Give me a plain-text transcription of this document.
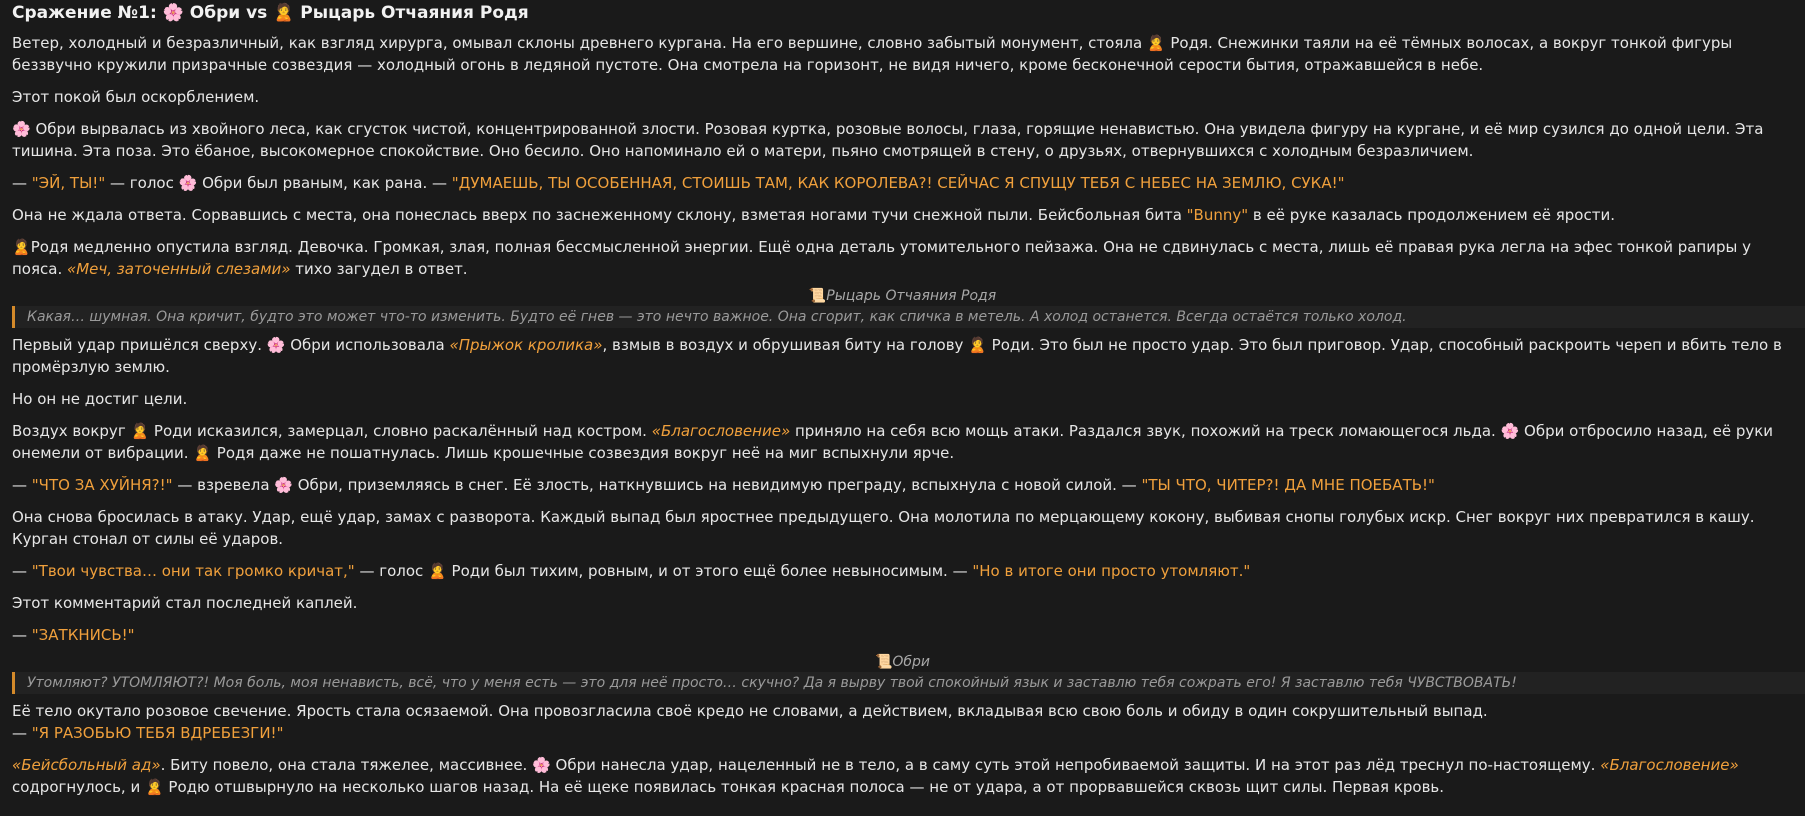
Сражение №1: 🌸 Обри vs 🙎 Рыцарь Отчаяния Родя

Ветер, холодный и безразличный, как взгляд хирурга, омывал склоны древнего кургана. На его вершине, словно забытый монумент, стояла 🙎 Родя. Снежинки таяли на её тёмных волосах, а вокруг тонкой фигуры беззвучно кружили призрачные созвездия — холодный огонь в ледяной пустоте. Она смотрела на горизонт, не видя ничего, кроме бесконечной серости бытия, отражавшейся в небе.

Этот покой был оскорблением.

🌸 Обри вырвалась из хвойного леса, как сгусток чистой, концентрированной злости. Розовая куртка, розовые волосы, глаза, горящие ненавистью. Она увидела фигуру на кургане, и её мир сузился до одной цели. Эта тишина. Эта поза. Это ёбаное, высокомерное спокойствие. Оно бесило. Оно напоминало ей о матери, пьяно смотрящей в стену, о друзьях, отвернувшихся с холодным безразличием.

— "ЭЙ, ТЫ!" — голос 🌸 Обри был рваным, как рана. — "ДУМАЕШЬ, ТЫ ОСОБЕННАЯ, СТОИШЬ ТАМ, КАК КОРОЛЕВА?! СЕЙЧАС Я СПУЩУ ТЕБЯ С НЕБЕС НА ЗЕМЛЮ, СУКА!"

Она не ждала ответа. Сорвавшись с места, она понеслась вверх по заснеженному склону, взметая ногами тучи снежной пыли. Бейсбольная бита "Bunny" в её руке казалась продолжением её ярости.

🙎Родя медленно опустила взгляд. Девочка. Громкая, злая, полная бессмысленной энергии. Ещё одна деталь утомительного пейзажа. Она не сдвинулась с места, лишь её правая рука легла на эфес тонкой рапиры у пояса. «Меч, заточенный слезами» тихо загудел в ответ.

📜Рыцарь Отчаяния Родя
Какая… шумная. Она кричит, будто это может что-то изменить. Будто её гнев — это нечто важное. Она сгорит, как спичка в метель. А холод останется. Всегда остаётся только холод.

Первый удар пришёлся сверху. 🌸 Обри использовала «Прыжок кролика», взмыв в воздух и обрушивая биту на голову 🙎 Роди. Это был не просто удар. Это был приговор. Удар, способный раскроить череп и вбить тело в промёрзлую землю.

Но он не достиг цели.

Воздух вокруг 🙎 Роди исказился, замерцал, словно раскалённый над костром. «Благословение» приняло на себя всю мощь атаки. Раздался звук, похожий на треск ломающегося льда. 🌸 Обри отбросило назад, её руки онемели от вибрации. 🙎 Родя даже не пошатнулась. Лишь крошечные созвездия вокруг неё на миг вспыхнули ярче.

— "ЧТО ЗА ХУЙНЯ?!" — взревела 🌸 Обри, приземляясь в снег. Её злость, наткнувшись на невидимую преграду, вспыхнула с новой силой. — "ТЫ ЧТО, ЧИТЕР?! ДА МНЕ ПОЕБАТЬ!"

Она снова бросилась в атаку. Удар, ещё удар, замах с разворота. Каждый выпад был яростнее предыдущего. Она молотила по мерцающему кокону, выбивая снопы голубых искр. Снег вокруг них превратился в кашу. Курган стонал от силы её ударов.

— "Твои чувства… они так громко кричат," — голос 🙎 Роди был тихим, ровным, и от этого ещё более невыносимым. — "Но в итоге они просто утомляют."

Этот комментарий стал последней каплей.

— "ЗАТКНИСЬ!"

📜Обри
Утомляют? УТОМЛЯЮТ?! Моя боль, моя ненависть, всё, что у меня есть — это для неё просто… скучно? Да я вырву твой спокойный язык и заставлю тебя сожрать его! Я заставлю тебя ЧУВСТВОВАТЬ!

Её тело окутало розовое свечение. Ярость стала осязаемой. Она провозгласила своё кредо не словами, а действием, вкладывая всю свою боль и обиду в один сокрушительный выпад.

— "Я РАЗОБЬЮ ТЕБЯ ВДРЕБЕЗГИ!"

«Бейсбольный ад». Биту повело, она стала тяжелее, массивнее. 🌸 Обри нанесла удар, нацеленный не в тело, а в саму суть этой непробиваемой защиты. И на этот раз лёд треснул по-настоящему. «Благословение» содрогнулось, и 🙎 Родю отшвырнуло на несколько шагов назад. На её щеке появилась тонкая красная полоса — не от удара, а от прорвавшейся сквозь щит силы. Первая кровь.
